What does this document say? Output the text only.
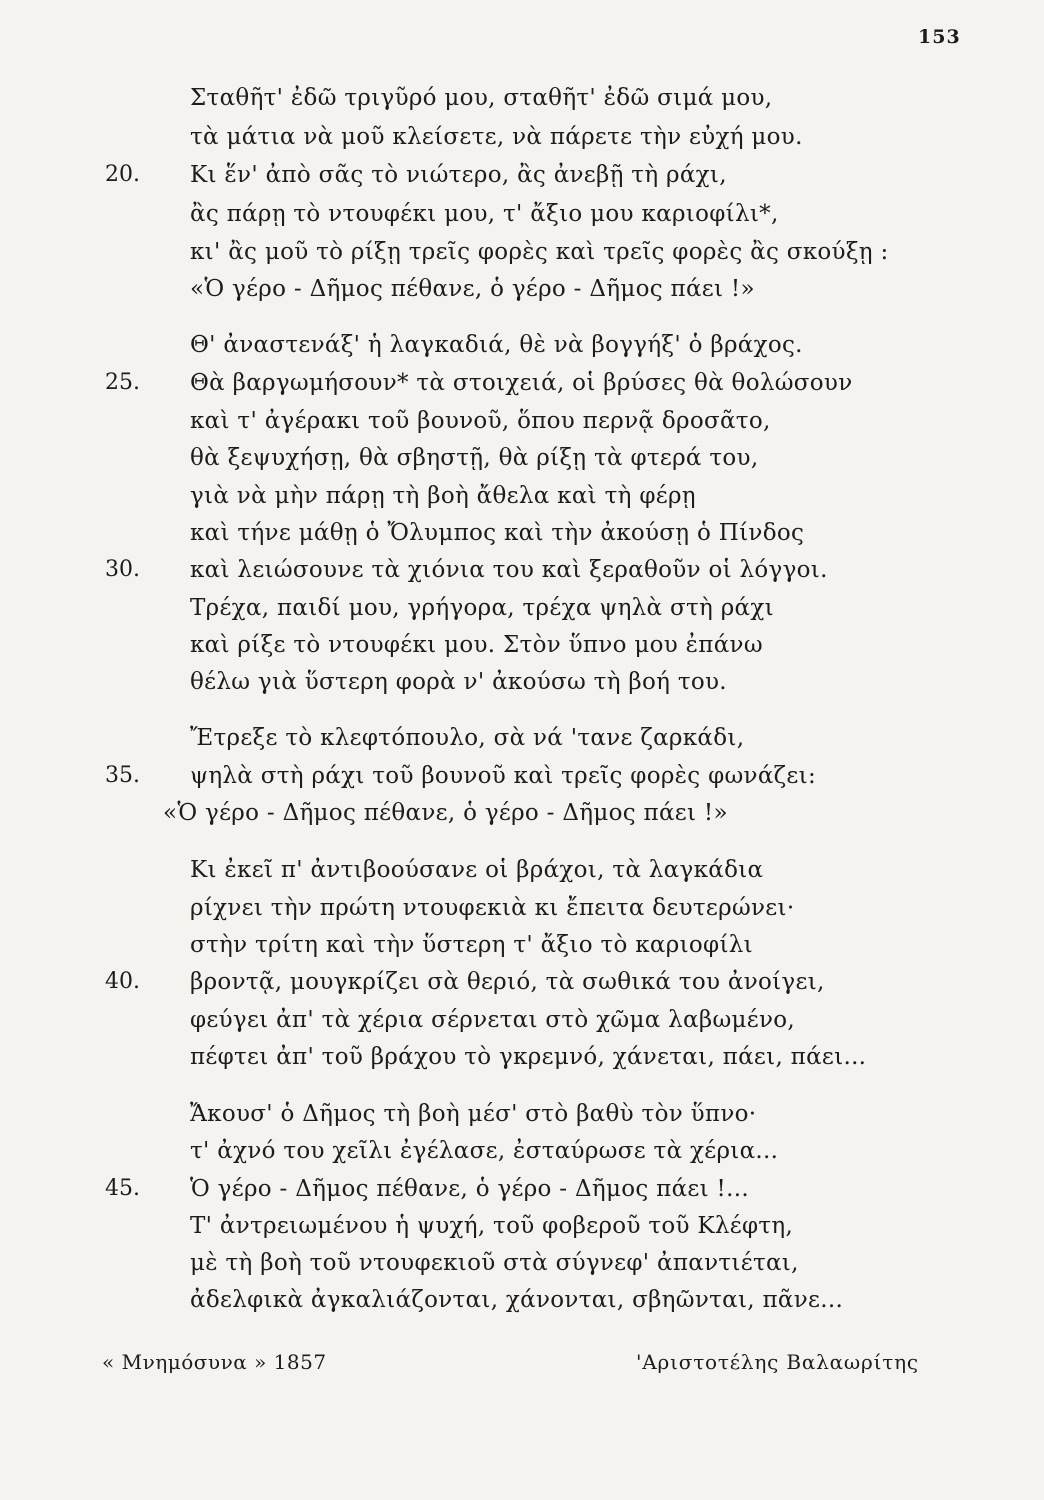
153
Σταθῆτ' ἐδῶ τριγῦρό μου, σταθῆτ' ἐδῶ σιμά μου,
τὰ μάτια νὰ μοῦ κλείσετε, νὰ πάρετε τὴν εὐχή μου.
20. Κι ἕν' ἀπὸ σᾶς τὸ νιώτερο, ἂς ἀνεβῇ τὴ ράχι,
ἂς πάρῃ τὸ ντουφέκι μου, τ' ἄξιο μου καριοφίλι*,
κι' ἂς μοῦ τὸ ρίξῃ τρεῖς φορὲς καὶ τρεῖς φορὲς ἂς σκούξῃ :
«Ὁ γέρο - Δῆμος πέθανε, ὁ γέρο - Δῆμος πάει !»
Θ' ἀναστενάξ' ἡ λαγκαδιά, θὲ νὰ βογγήξ' ὁ βράχος.
25. Θὰ βαργωμήσουν* τὰ στοιχειά, οἱ βρύσες θὰ θολώσουν
καὶ τ' ἀγέρακι τοῦ βουνοῦ, ὅπου περνᾷ δροσᾶτο,
θὰ ξεψυχήσῃ, θὰ σβηστῇ, θὰ ρίξῃ τὰ φτερά του,
γιὰ νὰ μὴν πάρῃ τὴ βοὴ ἄθελα καὶ τὴ φέρῃ
καὶ τήνε μάθῃ ὁ Ὄλυμπος καὶ τὴν ἀκούσῃ ὁ Πίνδος
30. καὶ λειώσουνε τὰ χιόνια του καὶ ξεραθοῦν οἱ λόγγοι.
Τρέχα, παιδί μου, γρήγορα, τρέχα ψηλὰ στὴ ράχι
καὶ ρίξε τὸ ντουφέκι μου. Στὸν ὕπνο μου ἐπάνω
θέλω γιὰ ὕστερη φορὰ ν' ἀκούσω τὴ βοή του.
Ἔτρεξε τὸ κλεφτόπουλο, σὰ νά 'τανε ζαρκάδι,
35. ψηλὰ στὴ ράχι τοῦ βουνοῦ καὶ τρεῖς φορὲς φωνάζει:
«Ὁ γέρο - Δῆμος πέθανε, ὁ γέρο - Δῆμος πάει !»
Κι ἐκεῖ π' ἀντιβοούσανε οἱ βράχοι, τὰ λαγκάδια
ρίχνει τὴν πρώτη ντουφεκιὰ κι ἔπειτα δευτερώνει·
στὴν τρίτη καὶ τὴν ὕστερη τ' ἄξιο τὸ καριοφίλι
40. βροντᾷ, μουγκρίζει σὰ θεριό, τὰ σωθικά του ἀνοίγει,
φεύγει ἀπ' τὰ χέρια σέρνεται στὸ χῶμα λαβωμένο,
πέφτει ἀπ' τοῦ βράχου τὸ γκρεμνό, χάνεται, πάει, πάει...
Ἄκουσ' ὁ Δῆμος τὴ βοὴ μέσ' στὸ βαθὺ τὸν ὕπνο·
τ' ἀχνό του χεῖλι ἐγέλασε, ἐσταύρωσε τὰ χέρια...
45. Ὁ γέρο - Δῆμος πέθανε, ὁ γέρο - Δῆμος πάει !...
Τ' ἀντρειωμένου ἡ ψυχή, τοῦ φοβεροῦ τοῦ Κλέφτη,
μὲ τὴ βοὴ τοῦ ντουφεκιοῦ στὰ σύγνεφ' ἀπαντιέται,
ἀδελφικὰ ἀγκαλιάζονται, χάνονται, σβηῶνται, πᾶνε...
« Μνημόσυνα » 1857	'Αριστοτέλης Βαλαωρίτης
